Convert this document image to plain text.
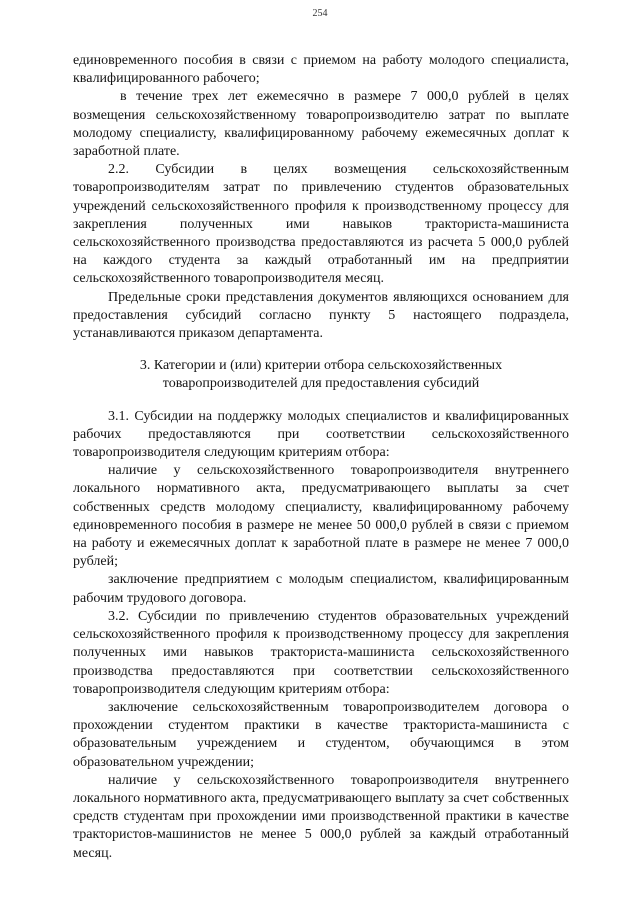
254

единовременного пособия в связи с приемом на работу молодого специалиста, квалифицированного рабочего;

в течение трех лет ежемесячно в размере 7 000,0 рублей в целях возмещения сельскохозяйственному товаропроизводителю затрат по выплате молодому специалисту, квалифицированному рабочему ежемесячных доплат к заработной плате.

2.2. Субсидии в целях возмещения сельскохозяйственным товаропроизводителям затрат по привлечению студентов образовательных учреждений сельскохозяйственного профиля к производственному процессу для закрепления полученных ими навыков тракториста-машиниста сельскохозяйственного производства предоставляются из расчета 5 000,0 рублей на каждого студента за каждый отработанный им на предприятии сельскохозяйственного товаропроизводителя месяц.

Предельные сроки представления документов являющихся основанием для предоставления субсидий согласно пункту 5 настоящего подраздела, устанавливаются приказом департамента.

3. Категории и (или) критерии отбора сельскохозяйственных
товаропроизводителей для предоставления субсидий

3.1. Субсидии на поддержку молодых специалистов и квалифицированных рабочих предоставляются при соответствии сельскохозяйственного товаропроизводителя следующим критериям отбора:

наличие у сельскохозяйственного товаропроизводителя внутреннего локального нормативного акта, предусматривающего выплаты за счет собственных средств молодому специалисту, квалифицированному рабочему единовременного пособия в размере не менее 50 000,0 рублей в связи с приемом на работу и ежемесячных доплат к заработной плате в размере не менее 7 000,0 рублей;

заключение предприятием с молодым специалистом, квалифицированным рабочим трудового договора.

3.2. Субсидии по привлечению студентов образовательных учреждений сельскохозяйственного профиля к производственному процессу для закрепления полученных ими навыков тракториста-машиниста сельскохозяйственного производства предоставляются при соответствии сельскохозяйственного товаропроизводителя следующим критериям отбора:

заключение сельскохозяйственным товаропроизводителем договора о прохождении студентом практики в качестве тракториста-машиниста с образовательным учреждением и студентом, обучающимся в этом образовательном учреждении;

наличие у сельскохозяйственного товаропроизводителя внутреннего локального нормативного акта, предусматривающего выплату за счет собственных средств студентам при прохождении ими производственной практики в качестве трактористов-машинистов не менее 5 000,0 рублей за каждый отработанный месяц.
